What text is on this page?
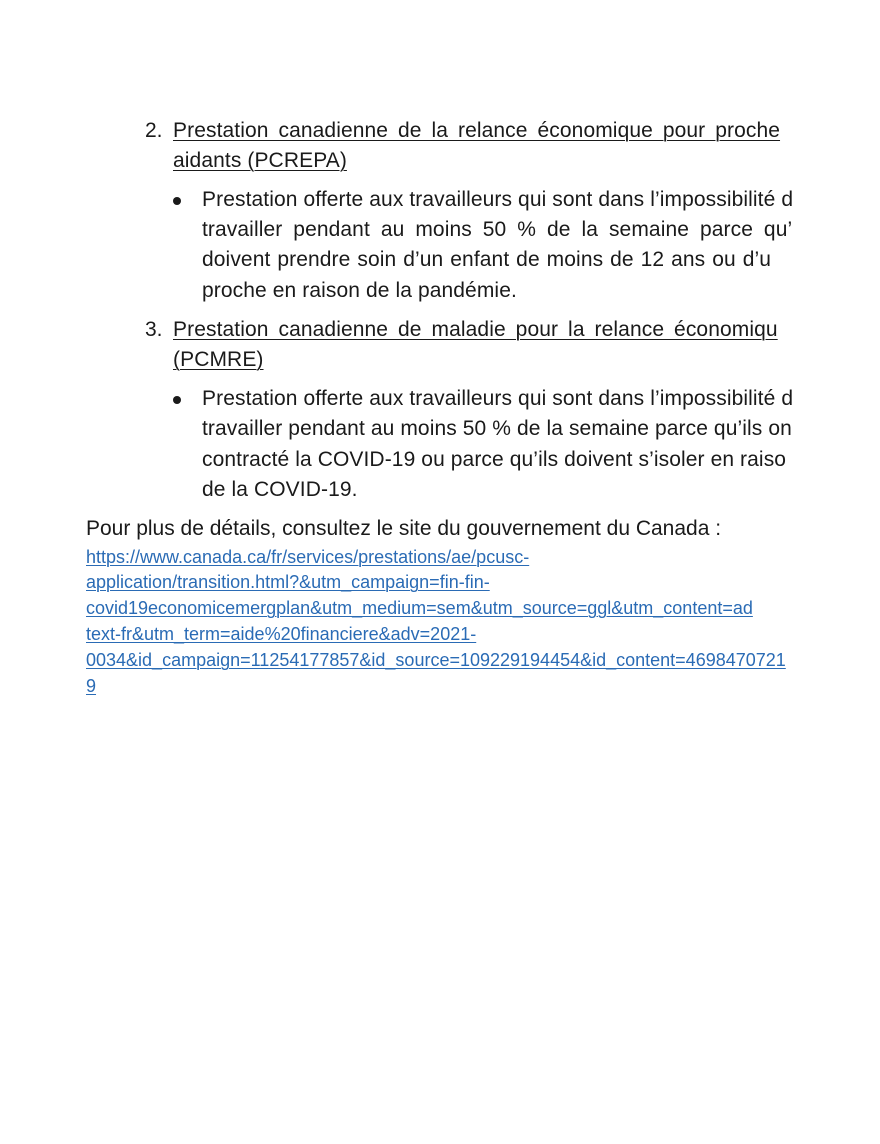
2. Prestation canadienne de la relance économique pour proche
aidants (PCREPA)
Prestation offerte aux travailleurs qui sont dans l’impossibilité d
travailler pendant au moins 50 % de la semaine parce qu’
doivent prendre soin d’un enfant de moins de 12 ans ou d’u
proche en raison de la pandémie.
3. Prestation canadienne de maladie pour la relance économiqu
(PCMRE)
Prestation offerte aux travailleurs qui sont dans l’impossibilité d
travailler pendant au moins 50 % de la semaine parce qu’ils on
contracté la COVID-19 ou parce qu’ils doivent s’isoler en raiso
de la COVID-19.
Pour plus de détails, consultez le site du gouvernement du Canada :
https://www.canada.ca/fr/services/prestations/ae/pcusc-
application/transition.html?&utm_campaign=fin-fin-
covid19economicemergplan&utm_medium=sem&utm_source=ggl&utm_content=ad
text-fr&utm_term=aide%20financiere&adv=2021-
0034&id_campaign=11254177857&id_source=109229194454&id_content=4698470721
9
